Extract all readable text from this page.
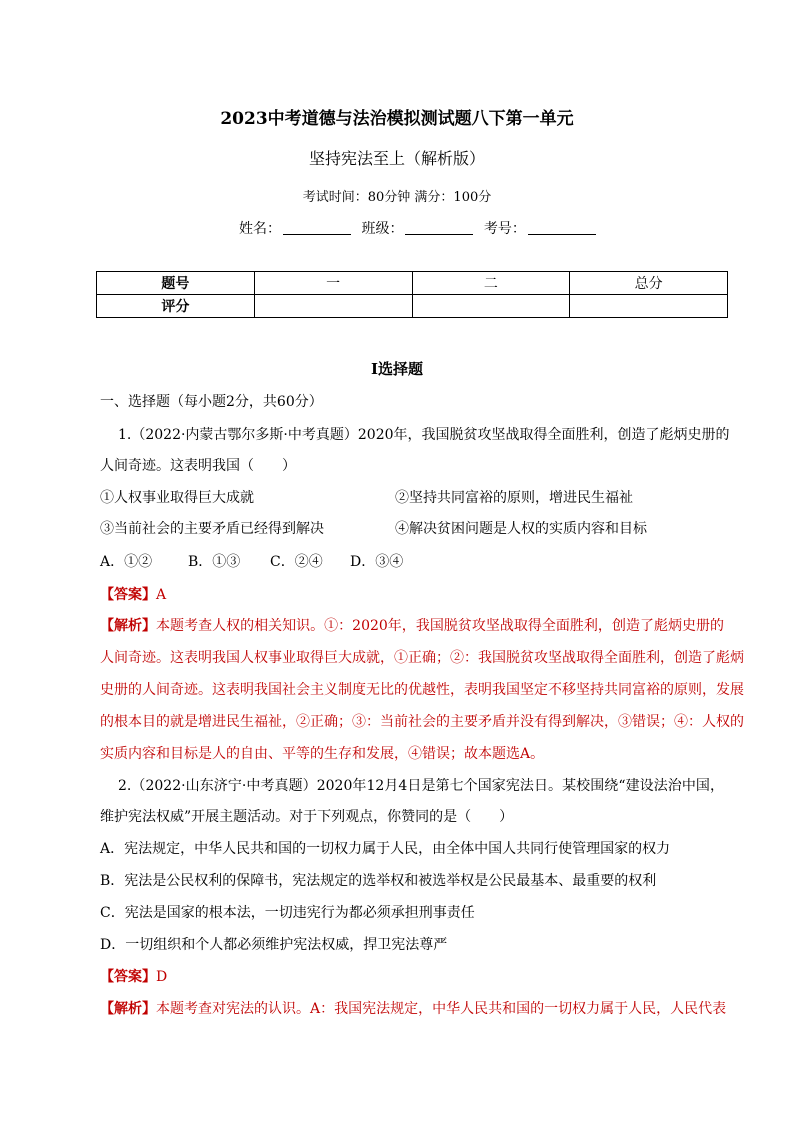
2023中考道德与法治模拟测试题八下第一单元
坚持宪法至上（解析版）
考试时间：80分钟 满分：100分
姓名：	班级：	考号：
题号	一	二	总分
评分			
I选择题
一、选择题（每小题2分，共60分）
1.（2022·内蒙古鄂尔多斯·中考真题）2020年，我国脱贫攻坚战取得全面胜利，创造了彪炳史册的
人间奇迹。这表明我国（　　）
①人权事业取得巨大成就	②坚持共同富裕的原则，增进民生福祉
③当前社会的主要矛盾已经得到解决	④解决贫困问题是人权的实质内容和目标
A．①②	B．①③ C．②④ D．③④
【答案】A
【解析】本题考查人权的相关知识。①：2020年，我国脱贫攻坚战取得全面胜利，创造了彪炳史册的
人间奇迹。这表明我国人权事业取得巨大成就，①正确；②：我国脱贫攻坚战取得全面胜利，创造了彪炳
史册的人间奇迹。这表明我国社会主义制度无比的优越性，表明我国坚定不移坚持共同富裕的原则，发展
的根本目的就是增进民生福祉，②正确；③：当前社会的主要矛盾并没有得到解决，③错误；④：人权的
实质内容和目标是人的自由、平等的生存和发展，④错误；故本题选A。
2.（2022·山东济宁·中考真题）2020年12月4日是第七个国家宪法日。某校围绕“建设法治中国，
维护宪法权威”开展主题活动。对于下列观点，你赞同的是（　　）
A．宪法规定，中华人民共和国的一切权力属于人民，由全体中国人共同行使管理国家的权力
B．宪法是公民权利的保障书，宪法规定的选举权和被选举权是公民最基本、最重要的权利
C．宪法是国家的根本法，一切违宪行为都必须承担刑事责任
D．一切组织和个人都必须维护宪法权威，捍卫宪法尊严
【答案】D
【解析】本题考查对宪法的认识。A：我国宪法规定，中华人民共和国的一切权力属于人民，人民代表
